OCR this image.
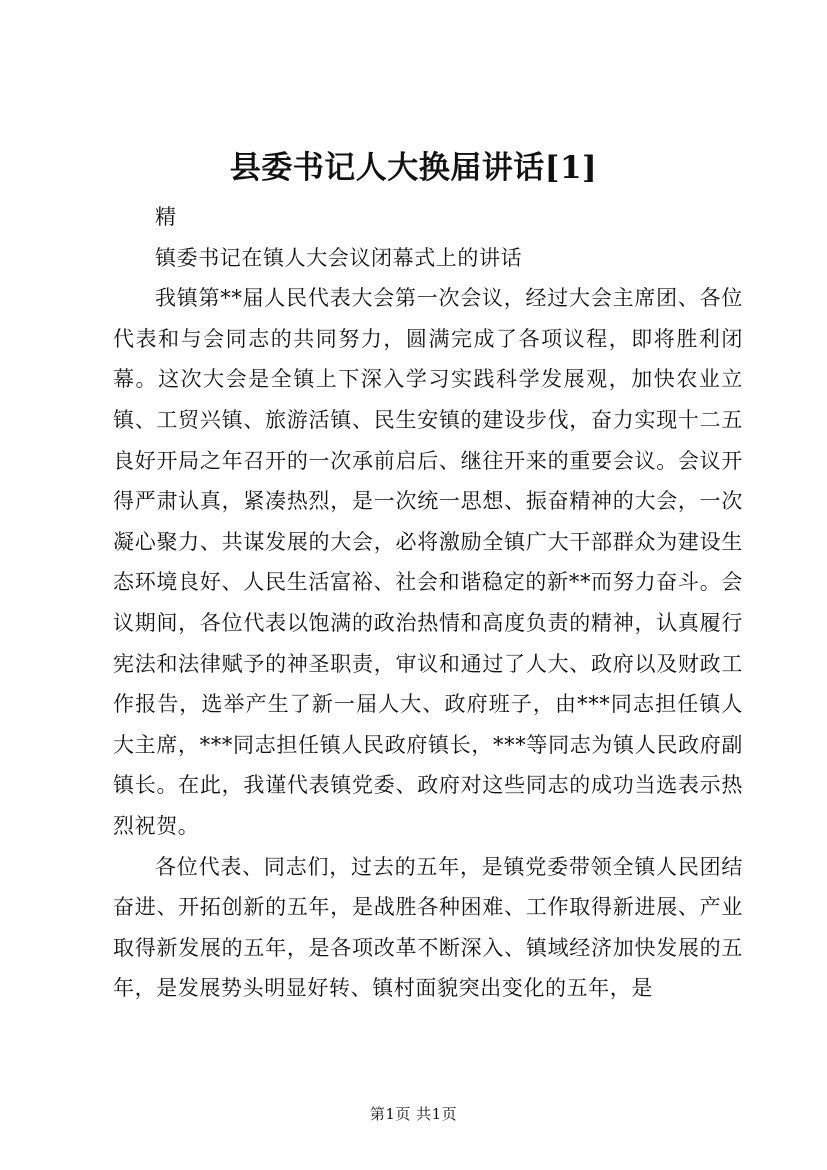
县委书记人大换届讲话[1]

精

镇委书记在镇人大会议闭幕式上的讲话

我镇第**届人民代表大会第一次会议，经过大会主席团、各位代表和与会同志的共同努力，圆满完成了各项议程，即将胜利闭幕。这次大会是全镇上下深入学习实践科学发展观，加快农业立镇、工贸兴镇、旅游活镇、民生安镇的建设步伐，奋力实现十二五良好开局之年召开的一次承前启后、继往开来的重要会议。会议开得严肃认真，紧凑热烈，是一次统一思想、振奋精神的大会，一次凝心聚力、共谋发展的大会，必将激励全镇广大干部群众为建设生态环境良好、人民生活富裕、社会和谐稳定的新**而努力奋斗。会议期间，各位代表以饱满的政治热情和高度负责的精神，认真履行宪法和法律赋予的神圣职责，审议和通过了人大、政府以及财政工作报告，选举产生了新一届人大、政府班子，由***同志担任镇人大主席，***同志担任镇人民政府镇长，***等同志为镇人民政府副镇长。在此，我谨代表镇党委、政府对这些同志的成功当选表示热烈祝贺。

各位代表、同志们，过去的五年，是镇党委带领全镇人民团结奋进、开拓创新的五年，是战胜各种困难、工作取得新进展、产业取得新发展的五年，是各项改革不断深入、镇域经济加快发展的五年，是发展势头明显好转、镇村面貌突出变化的五年，是

第1页 共1页
